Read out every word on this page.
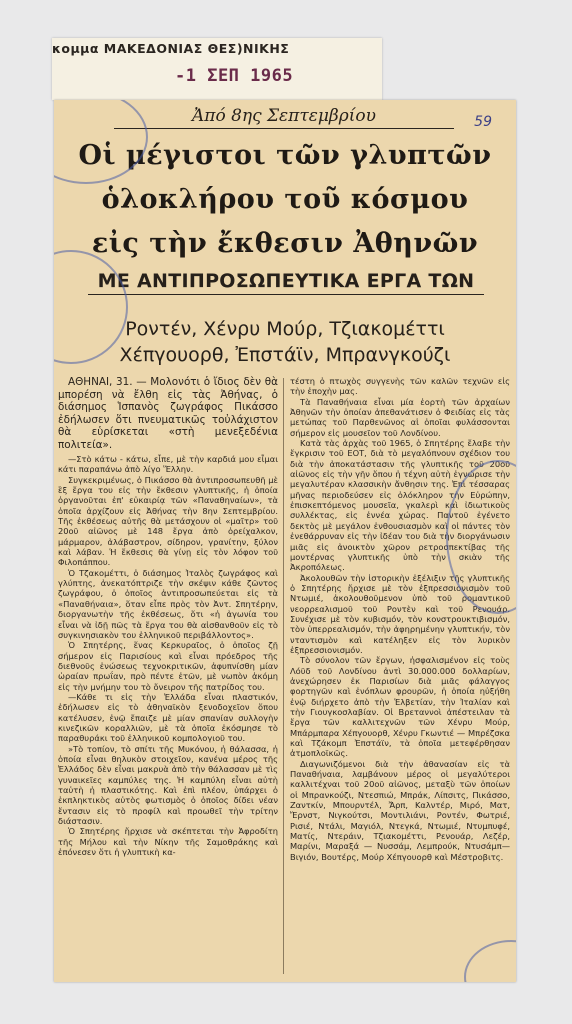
κομμα ΜΑΚΕΔΟΝΙΑΣ ΘΕΣ)ΝΙΚΗΣ
-1 ΣΕΠ 1965
59
Ἀπό 8ης Σεπτεμβρίου
Οἱ μέγιστοι τῶν γλυπτῶν
ὁλοκλήρου τοῦ κόσμου
εἰς τὴν ἔκθεσιν Ἀθηνῶν
ΜΕ ΑΝΤΙΠΡΟΣΩΠΕΥΤΙΚΑ ΕΡΓΑ ΤΩΝ
Ροντέν, Χένρυ Μούρ, Τζιακομέττι
Χέπγουορθ, Ἐπστάϊν, Μπρανγκούζι

ΑΘΗΝΑΙ, 31. — Μολονότι ὁ ἴδιος δὲν θὰ μπορέση νὰ ἔλθη εἰς τὰς Ἀθήνας, ὁ διάσημος Ἱσπανὸς ζωγράφος Πικάσσο ἐδήλωσεν ὅτι πνευματικῶς τοὐλάχιστον θὰ εὑρίσκεται «στὴ μενεξεδένια πολιτεία».

—Στὸ κάτω - κάτω, εἶπε, μὲ τὴν καρδιά μου εἶμαι κάτι παραπάνω ἀπὸ λίγο Ἕλλην.

Συγκεκριμένως, ὁ Πικάσσο θὰ ἀντιπροσωπευθῆ μὲ ἓξ ἔργα του εἰς τὴν ἔκθεσιν γλυπτικῆς, ἡ ὁποία ὀργανοῦται ἐπ' εὐκαιρίᾳ τῶν «Παναθηναίων», τὰ ὁποῖα ἀρχίζουν εἰς Ἀθήνας τὴν 8ην Σεπτεμβρίου. Τῆς ἐκθέσεως αὐτῆς θὰ μετάσχουν οἱ «μαῖτρ» τοῦ 20οῦ αἰῶνος μὲ 148 ἔργα ἀπὸ ὀρείχαλκον, μάρμαρον, ἀλάβαστρον, σίδηρον, γρανίτην, ξύλον καὶ λάβαν. Ἡ ἔκθεσις θὰ γίνῃ εἰς τὸν λόφον τοῦ Φιλοπάππου.

Ὁ Τζακομέττι, ὁ διάσημος Ἰταλὸς ζωγράφος καὶ γλύπτης, ἀνεκατόπτριζε τὴν σκέψιν κάθε ζῶντος ζωγράφου, ὁ ὁποῖος ἀντιπροσωπεύεται εἰς τὰ «Παναθήναια», ὅταν εἶπε πρὸς τὸν Ἀντ. Σπητέρην, διοργανωτὴν τῆς ἐκθέσεως, ὅτι «ἡ ἀγωνία του εἶναι νὰ ἰδῇ πῶς τὰ ἔργα του θὰ αἰσθανθοῦν εἰς τὸ συγκινησιακὸν του ἑλληνικοῦ περιβάλλοντος».

Ὁ Σπητέρης, ἕνας Κερκυραῖος, ὁ ὁποῖος ζῇ σήμερον εἰς Παρισίους καὶ εἶναι πρόεδρος τῆς διεθνοῦς ἑνώσεως τεχνοκριτικῶν, ἀφυπνίσθη μίαν ὡραίαν πρωΐαν, πρὸ πέντε ἐτῶν, μὲ νωπὸν ἀκόμη εἰς τὴν μνήμην του τὸ ὄνειρον τῆς πατρίδος του.

—Κάθε τι εἰς τὴν Ἑλλάδα εἶναι πλαστικόν, ἐδήλωσεν εἰς τὸ ἀθηναϊκὸν ξενοδοχεῖον ὅπου κατέλυσεν, ἐνῷ ἔπαιζε μὲ μίαν σπανίαν συλλογὴν κινεζικῶν κοραλλιῶν, μὲ τὰ ὁποῖα ἐκόσμησε τὸ παραθυράκι τοῦ ἑλληνικοῦ κομπολογιοῦ του.

»Τὸ τοπίον, τὸ σπίτι τῆς Μυκόνου, ἡ θάλασσα, ἡ ὁποία εἶναι θηλυκὸν στοιχεῖον, κανένα μέρος τῆς Ἑλλάδος δὲν εἶναι μακρυὰ ἀπὸ τὴν θάλασσαν μὲ τὶς γυναικεῖες καμπύλες της. Ἡ καμπύλη εἶναι αὐτὴ ταὐτὴ ἡ πλαστικότης. Καὶ ἐπὶ πλέον, ὑπάρχει ὁ ἐκπληκτικὸς αὐτὸς φωτισμὸς ὁ ὁποῖος δίδει νέαν ἔντασιν εἰς τὸ προφίλ καὶ προωθεῖ τὴν τρίτην διάστασιν.

Ὁ Σπητέρης ἤρχισε νὰ σκέπτεται τὴν Ἀφροδίτη τῆς Μήλου καὶ τὴν Νίκην τῆς Σαμοθράκης καὶ ἐπόνεσεν ὅτι ἡ γλυπτικὴ κα-

τέστη ὁ πτωχὸς συγγενὴς τῶν καλῶν τεχνῶν εἰς τὴν ἐποχὴν μας.

Τὰ Παναθήναια εἶναι μία ἑορτὴ τῶν ἀρχαίων Ἀθηνῶν τὴν ὁποίαν ἀπεθανάτισεν ὁ Φειδίας εἰς τὰς μετώπας τοῦ Παρθενῶνος αἱ ὁποῖαι φυλάσσονται σήμερον εἰς μουσεῖον τοῦ Λονδίνου.

Κατὰ τὰς ἀρχὰς τοῦ 1965, ὁ Σπητέρης ἔλαβε τὴν ἔγκρισιν τοῦ ΕΟΤ, διὰ τὸ μεγαλόπνουν σχέδιον του διὰ τὴν ἀποκατάστασιν τῆς γλυπτικῆς τοῦ 20οῦ αἰῶνος εἰς τὴν γῆν ὅπου ἡ τέχνη αὐτὴ ἐγνώρισε τὴν μεγαλυτέραν κλασσικὴν ἄνθησιν της. Ἐπὶ τέσσαρας μῆνας περιοδεύσεν εἰς ὁλόκληρον τὴν Εὐρώπην, ἐπισκεπτόμενος μουσεῖα, γκαλερὶ καὶ ἰδιωτικοὺς συλλέκτας, εἰς ἐννέα χώρας. Παντοῦ ἐγένετο δεκτὸς μὲ μεγάλον ἐνθουσιασμὸν καὶ οἱ πάντες τὸν ἐνεθάρρυναν εἰς τὴν ἰδέαν του διὰ τὴν διοργάνωσιν μιᾶς εἰς ἀνοικτὸν χῶρον ρετροσπεκτίβας τῆς μοντέρνας γλυπτικῆς ὑπὸ τὴν σκιὰν τῆς Ἀκροπόλεως.

Ἀκολουθῶν τὴν ἱστορικὴν ἐξέλιξιν τῆς γλυπτικῆς ὁ Σπητέρης ἤρχισε μὲ τὸν ἐξπρεσσιονισμὸν τοῦ Ντωμιέ, ἀκολουθοῦμενον ὑπὸ τοῦ ρομαντικοῦ νεορρεαλισμοῦ τοῦ Ροντὲν καὶ τοῦ Ρενουάρ. Συνέχισε μὲ τὸν κυβισμόν, τὸν κονστρουκτιβισμόν, τὸν ὑπερρεαλισμόν, τὴν ἀφηρημένην γλυπτικήν, τὸν νταντισμὸν καὶ κατέληξεν εἰς τὸν λυρικὸν ἐξπρεσσιονισμόν.

Τὸ σύνολον τῶν ἔργων, ἠσφαλισμένον εἰς τοὺς Λόϋδ τοῦ Λονδίνου ἀντὶ 30.000.000 δολλαρίων, ἀνεχώρησεν ἐκ Παρισίων διὰ μιᾶς φάλαγγος φορτηγῶν καὶ ἐνόπλων φρουρῶν, ἡ ὁποία ηὐξήθη ἐνῷ διήρχετο ἀπὸ τὴν Ἑλβετίαν, τὴν Ἰταλίαν καὶ τὴν Γιουγκοσλαβίαν. Οἱ Βρεταννοὶ ἀπέστειλαν τὰ ἔργα τῶν καλλιτεχνῶν τῶν Χένρυ Μούρ, Μπάρμπαρα Χέπγουορθ, Χένρυ Γκωντιέ — Μπρέζσκα καὶ Τζάκομπ Ἐπστάϊν, τὰ ὁποῖα μετεφέρθησαν ἀτμοπλοϊκῶς.

Διαγωνιζόμενοι διὰ τὴν ἀθανασίαν εἰς τὰ Παναθήναια, λαμβάνουν μέρος οἱ μεγαλύτεροι καλλιτέχναι τοῦ 20οῦ αἰῶνος, μεταξὺ τῶν ὁποίων οἱ Μπρανκούζι, Ντεσπιώ, Μπράκ, Λίπσιτς, Πικάσσο, Ζαντκίν, Μπουρντέλ, Ἄρπ, Καλντέρ, Μιρό, Ματ, Ἔρνστ, Νιγκούτσι, Μοντιλιάνι, Ροντέν, Φωτριέ, Ρισιέ, Ντάλι, Μαγιόλ, Ντεγκά, Ντωμιέ, Ντυμπυφέ, Ματίς, Ντεράιν, Τζιακομέττι, Ρενουάρ, Λεζέρ, Μαρίνι, Μαραξά — Νυσσάμ, Λεμπρούκ, Ντυσάμπ—Βιγιόν, Βουτέρς, Μούρ Χέπγουορθ καὶ Μέστροβιτς.
